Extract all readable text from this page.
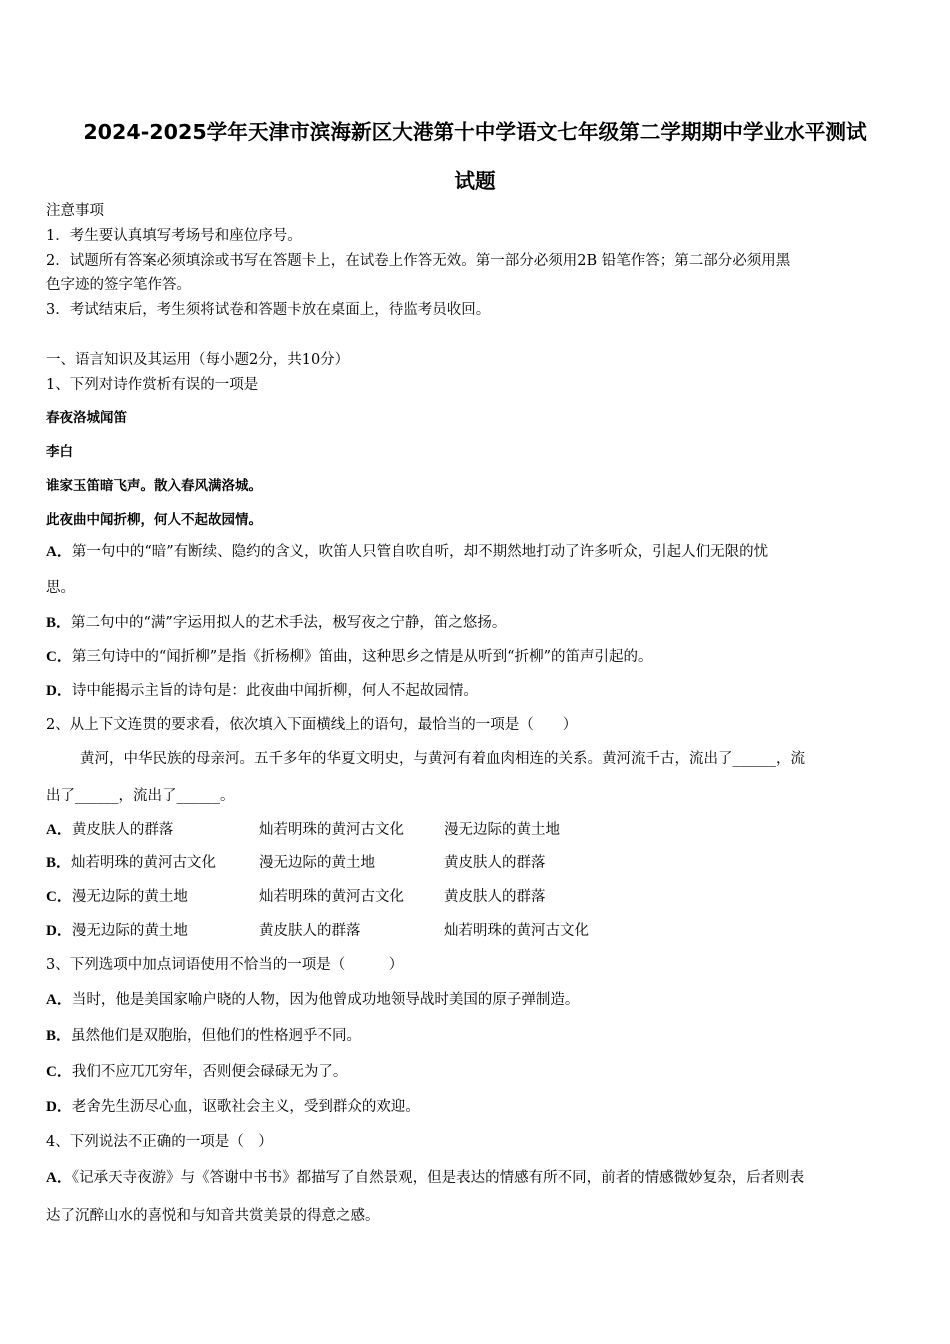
2024-2025学年天津市滨海新区大港第十中学语文七年级第二学期期中学业水平测试
试题
注意事项
1．考生要认真填写考场号和座位序号。
2．试题所有答案必须填涂或书写在答题卡上，在试卷上作答无效。第一部分必须用2B 铅笔作答；第二部分必须用黑
色字迹的签字笔作答。
3．考试结束后，考生须将试卷和答题卡放在桌面上，待监考员收回。
一、语言知识及其运用（每小题2分，共10分）
1、下列对诗作赏析有误的一项是
春夜洛城闻笛
李白
谁家玉笛暗飞声。散入春风满洛城。
此夜曲中闻折柳，何人不起故园情。
A．第一句中的“暗”有断续、隐约的含义，吹笛人只管自吹自听，却不期然地打动了许多听众，引起人们无限的忧
思。
B．第二句中的“满”字运用拟人的艺术手法，极写夜之宁静，笛之悠扬。
C．第三句诗中的“闻折柳”是指《折杨柳》笛曲，这种思乡之情是从听到“折柳”的笛声引起的。
D．诗中能揭示主旨的诗句是：此夜曲中闻折柳，何人不起故园情。
2、从上下文连贯的要求看，依次填入下面横线上的语句，最恰当的一项是（　　）
黄河，中华民族的母亲河。五千多年的华夏文明史，与黄河有着血肉相连的关系。黄河流千古，流出了______，流
出了______，流出了______。
A．黄皮肤人的群落	灿若明珠的黄河古文化	漫无边际的黄土地
B．灿若明珠的黄河古文化	漫无边际的黄土地	黄皮肤人的群落
C．漫无边际的黄土地	灿若明珠的黄河古文化	黄皮肤人的群落
D．漫无边际的黄土地	黄皮肤人的群落	灿若明珠的黄河古文化
3、下列选项中加点词语使用不恰当的一项是（　　　）
A．当时，他是美国家喻户晓的人物，因为他曾成功地领导战时美国的原子弹制造。
B．虽然他们是双胞胎，但他们的性格迥乎不同。
C．我们不应兀兀穷年，否则便会碌碌无为了。
D．老舍先生沥尽心血，讴歌社会主义，受到群众的欢迎。
4、下列说法不正确的一项是（　）
A．《记承天寺夜游》与《答谢中书书》都描写了自然景观，但是表达的情感有所不同，前者的情感微妙复杂，后者则表
达了沉醉山水的喜悦和与知音共赏美景的得意之感。
